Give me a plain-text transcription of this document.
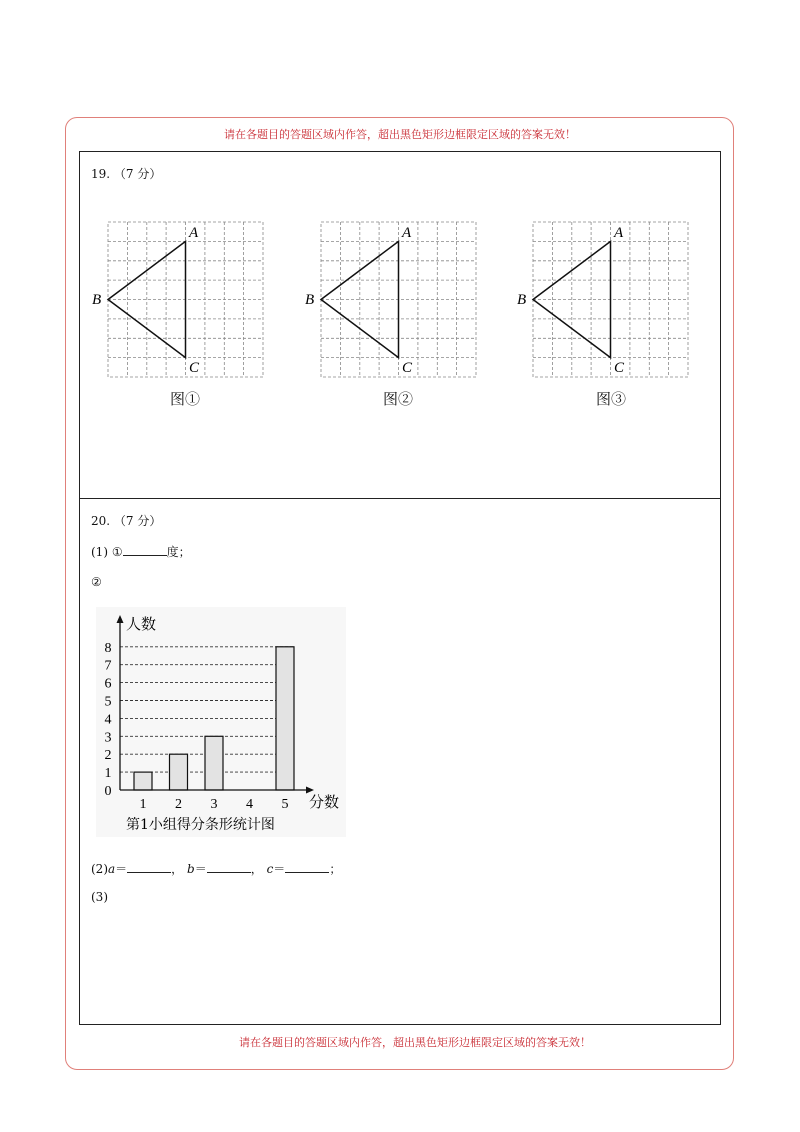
请在各题目的答题区域内作答，超出黑色矩形边框限定区域的答案无效！
19. （7 分）
A
B
C
图①
A
B
C
图②
A
B
C
图③
20. （7 分）
(1) ①	度；
②
0
1
2
3
4
5
6
7
8
1 2 3 4 5
人数
分数
第1小组得分条形统计图
(2)a＝	， b＝	， c＝	；
(3)
请在各题目的答题区域内作答，超出黑色矩形边框限定区域的答案无效！
